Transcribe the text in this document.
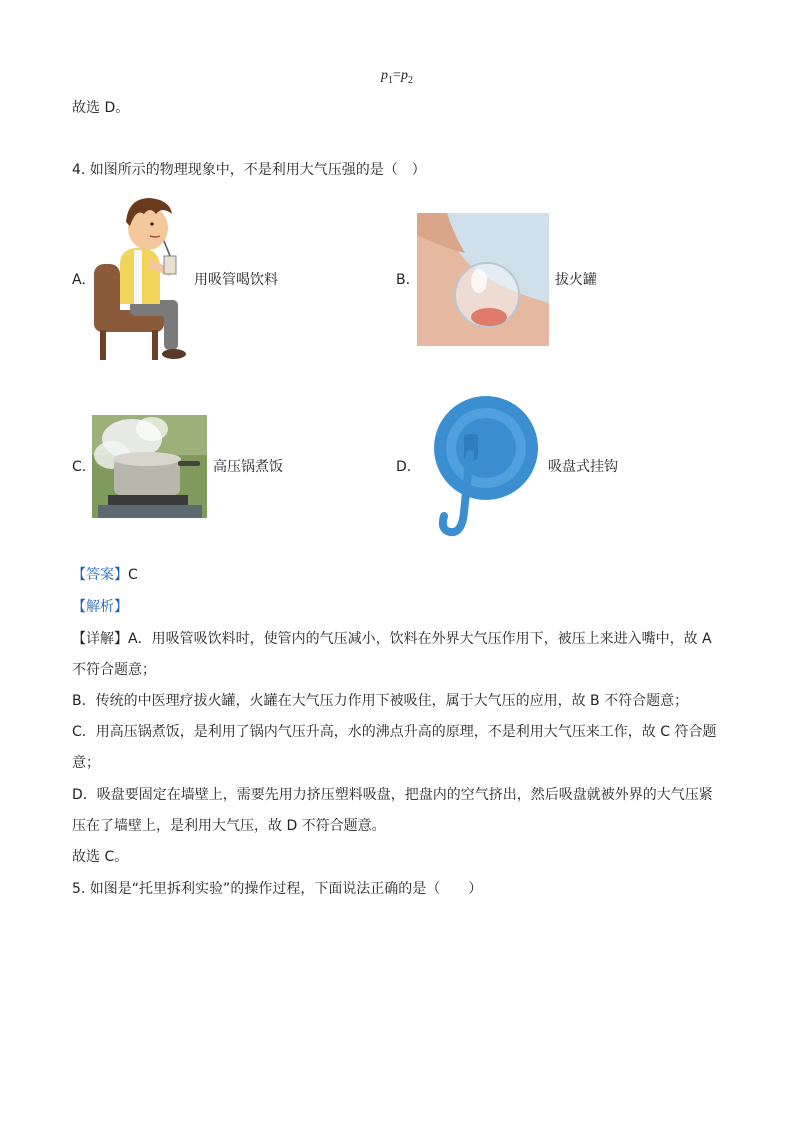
$p_1=p_2$
故选 D。
4. 如图所示的物理现象中，不是利用大气压强的是（　）
A.	用吸管喝饮料	B.	拔火罐
C.	高压锅煮饭	D.	吸盘式挂钩
【答案】C
【解析】
【详解】A．用吸管吸饮料时，使管内的气压减小，饮料在外界大气压作用下，被压上来进入嘴中，故 A
不符合题意；
B．传统的中医理疗拔火罐，火罐在大气压力作用下被吸住，属于大气压的应用，故 B 不符合题意；
C．用高压锅煮饭，是利用了锅内气压升高，水的沸点升高的原理，不是利用大气压来工作，故 C 符合题
意；
D．吸盘要固定在墙壁上，需要先用力挤压塑料吸盘，把盘内的空气挤出，然后吸盘就被外界的大气压紧
压在了墙壁上，是利用大气压，故 D 不符合题意。
故选 C。
5. 如图是“托里拆利实验”的操作过程，下面说法正确的是（　　）
